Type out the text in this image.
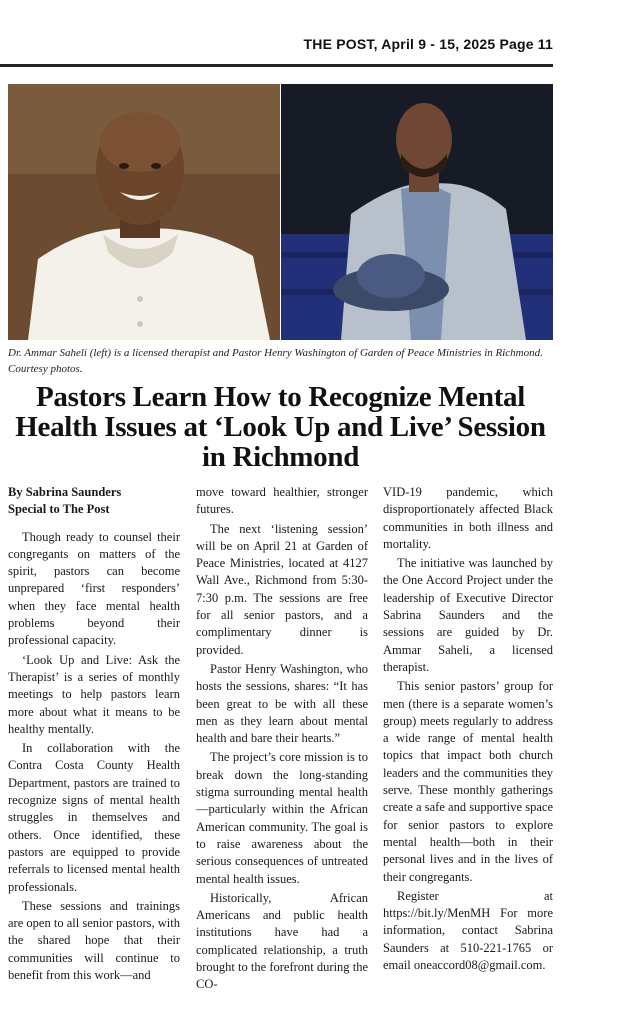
THE POST, April 9 - 15, 2025 Page 11
Dr. Ammar Saheli (left) is a licensed therapist and Pastor Henry Washington of Garden of Peace Ministries in Richmond. Courtesy photos.
Pastors Learn How to Recognize Mental Health Issues at ‘Look Up and Live’ Session in Richmond
By Sabrina Saunders
Special to The Post

Though ready to counsel their congregants on matters of the spirit, pastors can become unprepared ‘first responders’ when they face mental health problems beyond their professional capacity.

‘Look Up and Live: Ask the Therapist’ is a series of monthly meetings to help pastors learn more about what it means to be healthy mentally.

In collaboration with the Contra Costa County Health Department, pastors are trained to recognize signs of mental health struggles in themselves and others. Once identified, these pastors are equipped to provide referrals to licensed mental health professionals.

These sessions and trainings are open to all senior pastors, with the shared hope that their communities will continue to benefit from this work—and

move toward healthier, stronger futures.

The next ‘listening session’ will be on April 21 at Garden of Peace Ministries, located at 4127 Wall Ave., Richmond from 5:30-7:30 p.m. The sessions are free for all senior pastors, and a complimentary dinner is provided.

Pastor Henry Washington, who hosts the sessions, shares: “It has been great to be with all these men as they learn about mental health and bare their hearts.”

The project’s core mission is to break down the long-standing stigma surrounding mental health—particularly within the African American community. The goal is to raise awareness about the serious consequences of untreated mental health issues.

Historically, African Americans and public health institutions have had a complicated relationship, a truth brought to the forefront during the CO-

VID-19 pandemic, which disproportionately affected Black communities in both illness and mortality.

The initiative was launched by the One Accord Project under the leadership of Executive Director Sabrina Saunders and the sessions are guided by Dr. Ammar Saheli, a licensed therapist.

This senior pastors’ group for men (there is a separate women’s group) meets regularly to address a wide range of mental health topics that impact both church leaders and the communities they serve. These monthly gatherings create a safe and supportive space for senior pastors to explore mental health—both in their personal lives and in the lives of their congregants.

Register at https://bit.ly/MenMH For more information, contact Sabrina Saunders at 510-221-1765 or email oneaccord08@gmail.com.
